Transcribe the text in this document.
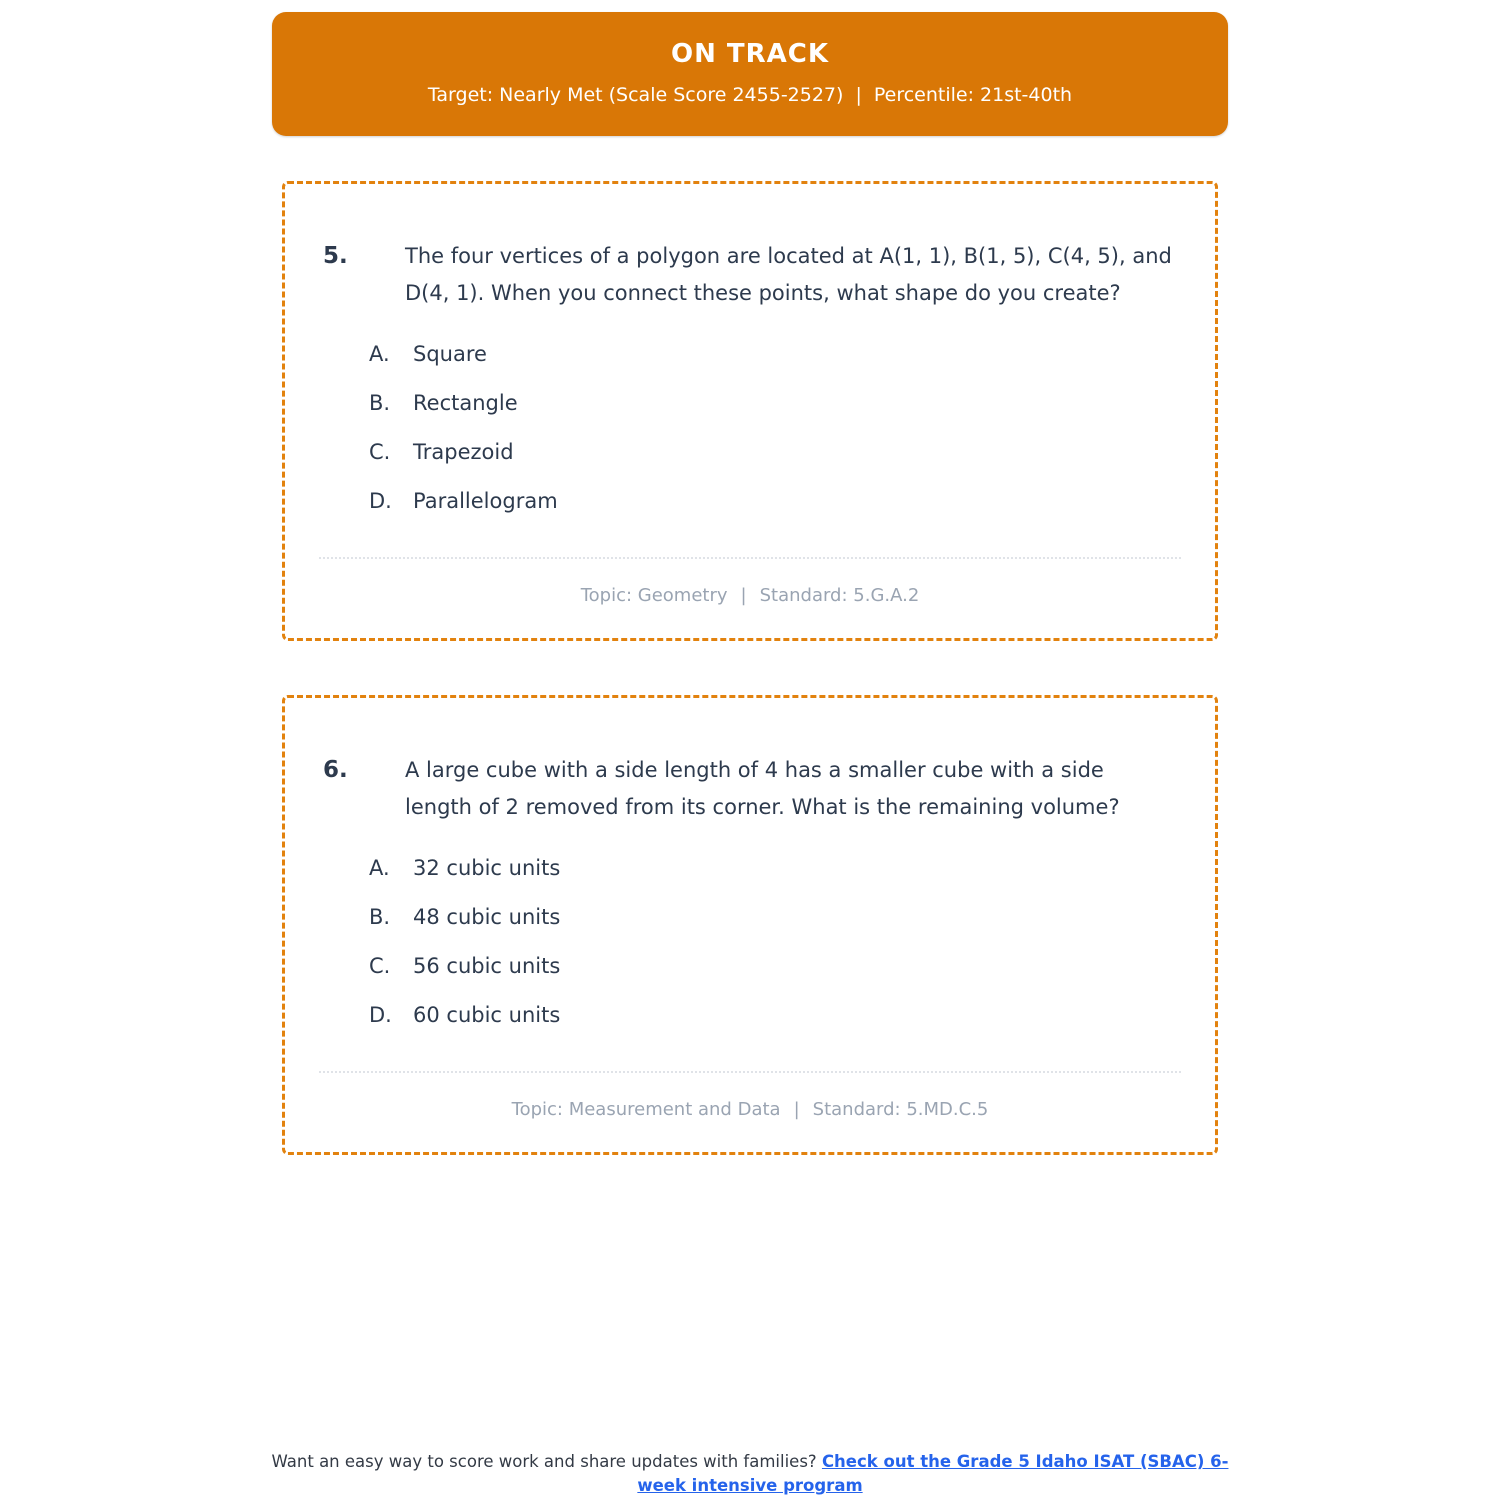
ON TRACK
Target: Nearly Met (Scale Score 2455-2527) | Percentile: 21st-40th
5.	The four vertices of a polygon are located at A(1, 1), B(1, 5), C(4, 5), and D(4, 1). When you connect these points, what shape do you create?
A.	Square
B.	Rectangle
C.	Trapezoid
D.	Parallelogram
Topic: Geometry | Standard: 5.G.A.2
6.	A large cube with a side length of 4 has a smaller cube with a side length of 2 removed from its corner. What is the remaining volume?
A.	32 cubic units
B.	48 cubic units
C.	56 cubic units
D.	60 cubic units
Topic: Measurement and Data | Standard: 5.MD.C.5
Want an easy way to score work and share updates with families? Check out the Grade 5 Idaho ISAT (SBAC) 6-week intensive program
